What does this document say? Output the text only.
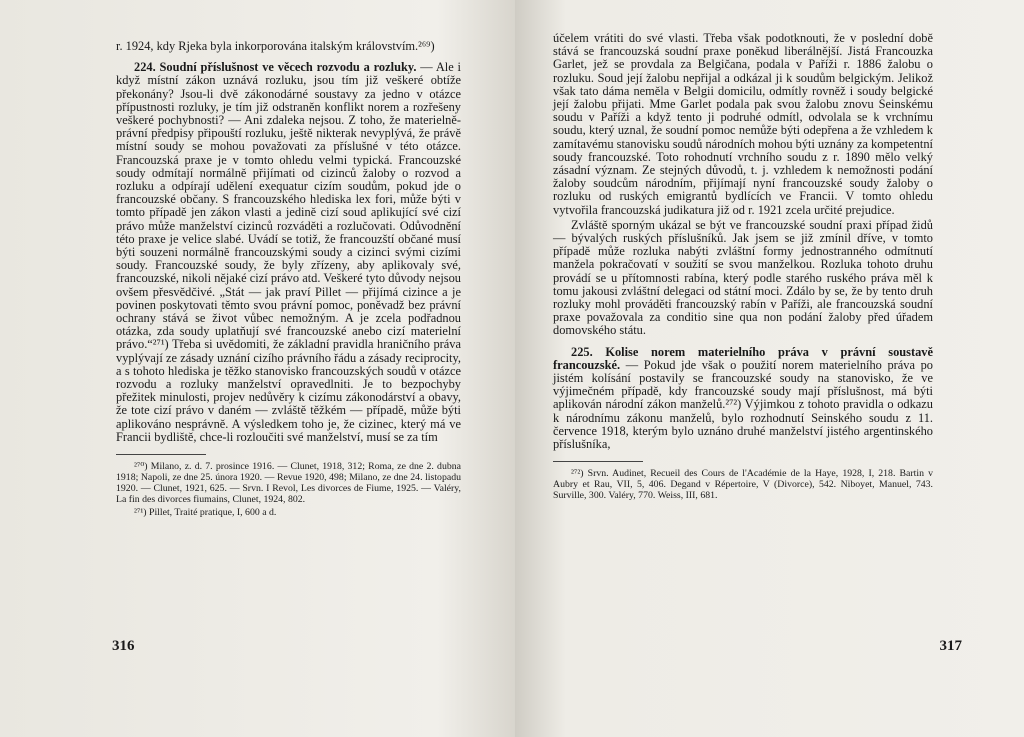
r. 1924, kdy Rjeka byla inkorporována italským královstvím.²⁶⁹)

224. Soudní příslušnost ve věcech rozvodu a rozluky. — Ale i když místní zákon uznává rozluku, jsou tím již veškeré obtíže překonány? Jsou-li dvě zákonodárné soustavy za jedno v otázce přípustnosti rozluky, je tím již odstraněn konflikt norem a rozřešeny veškeré pochybnosti? — Ani zdaleka nejsou. Z toho, že materielně-právní předpisy připouští rozluku, ještě nikterak nevyplývá, že právě místní soudy se mohou považovati za příslušné v této otázce. Francouzská praxe je v tomto ohledu velmi typická. Francouzské soudy odmítají normálně přijímati od cizinců žaloby o rozvod a rozluku a odpírají udělení exequatur cizím soudům, pokud jde o francouzské občany. S francouzského hlediska lex fori, může býti v tomto případě jen zákon vlasti a jedině cizí soud aplikující své cizí právo může manželství cizinců rozváděti a rozlučovati. Odůvodnění této praxe je velice slabé. Uvádí se totiž, že francouzští občané musí býti souzeni normálně francouzskými soudy a cizinci svými cizími soudy. Francouzské soudy, že byly zřízeny, aby aplikovaly své, francouzské, nikoli nějaké cizí právo atd. Veškeré tyto důvody nejsou ovšem přesvědčivé. „Stát — jak praví Pillet — přijímá cizince a je povinen poskytovati těmto svou právní pomoc, poněvadž bez právní ochrany stává se život vůbec nemožným. A je zcela podřadnou otázka, zda soudy uplatňují své francouzské anebo cizí materielní právo.“²⁷¹) Třeba si uvědomiti, že základní pravidla hraničního práva vyplývají ze zásady uznání cizího právního řádu a zásady reciprocity, a s tohoto hlediska je těžko stanovisko francouzských soudů v otázce rozvodu a rozluky manželství opravedlniti. Je to bezpochyby přežitek minulosti, projev nedůvěry k cizímu zákonodárství a obavy, že tote cizí právo v daném — zvláště těžkém — případě, může býti aplikováno nesprávně. A výsledkem toho je, že cizinec, který má ve Francii bydliště, chce-li rozloučiti své manželství, musí se za tím

²⁷⁰) Milano, z. d. 7. prosince 1916. — Clunet, 1918, 312; Roma, ze dne 2. dubna 1918; Napoli, ze dne 25. února 1920. — Revue 1920, 498; Milano, ze dne 24. listopadu 1920. — Clunet, 1921, 625. — Srvn. I Revol, Les divorces de Fiume, 1925. — Valéry, La fin des divorces fiumains, Clunet, 1924, 802.

²⁷¹) Pillet, Traité pratique, I, 600 a d.

316

účelem vrátiti do své vlasti. Třeba však podotknouti, že v poslední době stává se francouzská soudní praxe poněkud liberálnější. Jistá Francouzka Garlet, jež se provdala za Belgičana, podala v Paříži r. 1886 žalobu o rozluku. Soud její žalobu nepřijal a odkázal ji k soudům belgickým. Jelikož však tato dáma neměla v Belgii domicilu, odmítly rovněž i soudy belgické její žalobu přijati. Mme Garlet podala pak svou žalobu znovu Seinskému soudu v Paříži a když tento ji podruhé odmítl, odvolala se k vrchnímu soudu, který uznal, že soudní pomoc nemůže býti odepřena a že vzhledem k zamítavému stanovisku soudů národních mohou býti uznány za kompetentní soudy francouzské. Toto rohodnutí vrchního soudu z r. 1890 mělo velký zásadní význam. Ze stejných důvodů, t. j. vzhledem k nemožnosti podání žaloby soudcům národním, přijímají nyní francouzské soudy žaloby o rozluku od ruských emigrantů bydlících ve Francii. V tomto ohledu vytvořila francouzská judikatura již od r. 1921 zcela určité prejudice.

Zvláště sporným ukázal se být ve francouzské soudní praxi případ židů — bývalých ruských příslušníků. Jak jsem se již zmínil dříve, v tomto případě může rozluka nabýti zvláštní formy jednostranného odmítnutí manžela pokračovatí v soužití se svou manželkou. Rozluka tohoto druhu provádí se u přítomnosti rabína, který podle starého ruského práva měl k tomu jakousi zvláštní delegaci od státní moci. Zdálo by se, že by tento druh rozluky mohl prováděti francouzský rabín v Paříži, ale francouzská soudní praxe považovala za conditio sine qua non podání žaloby před úřadem domovského státu.

225. Kolise norem materielního práva v právní soustavě francouzské. — Pokud jde však o použití norem materielního práva po jistém kolísání postavily se francouzské soudy na stanovisko, že ve výjimečném případě, kdy francouzské soudy mají příslušnost, má býti aplikován národní zákon manželů.²⁷²) Výjimkou z tohoto pravidla o odkazu k národnímu zákonu manželů, bylo rozhodnutí Seinského soudu z 11. července 1918, kterým bylo uznáno druhé manželství jistého argentinského příslušníka,

²⁷²) Srvn. Audinet, Recueil des Cours de l'Académie de la Haye, 1928, I, 218. Bartin v Aubry et Rau, VII, 5, 406. Degand v Répertoire, V (Divorce), 542. Niboyet, Manuel, 743. Surville, 300. Valéry, 770. Weiss, III, 681.

317
